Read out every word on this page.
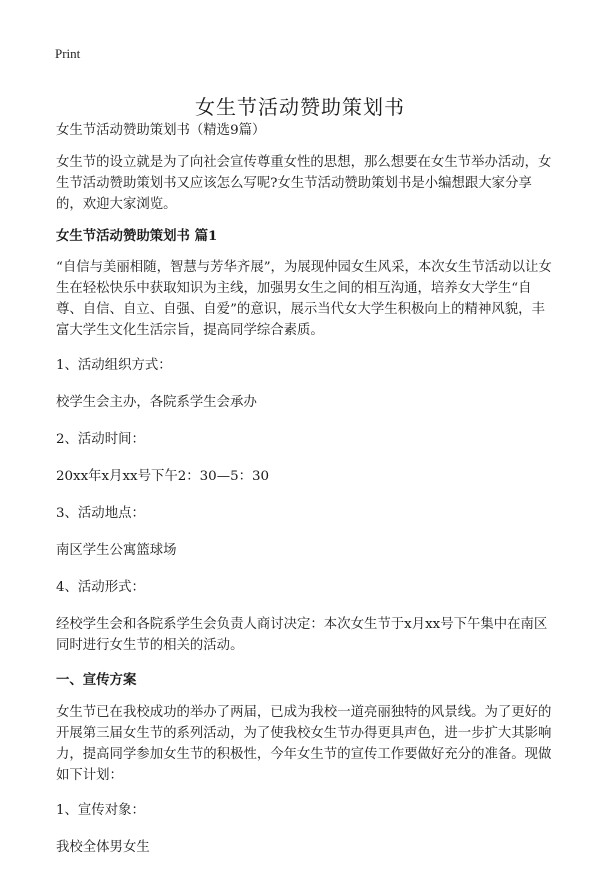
Print
女生节活动赞助策划书

女生节活动赞助策划书（精选9篇）

女生节的设立就是为了向社会宣传尊重女性的思想，那么想要在女生节举办活动，女生节活动赞助策划书又应该怎么写呢?女生节活动赞助策划书是小编想跟大家分享的，欢迎大家浏览。

女生节活动赞助策划书 篇1

“自信与美丽相随，智慧与芳华齐展”，为展现仲园女生风采，本次女生节活动以让女生在轻松快乐中获取知识为主线，加强男女生之间的相互沟通，培养女大学生“自尊、自信、自立、自强、自爱”的意识，展示当代女大学生积极向上的精神风貌，丰富大学生文化生活宗旨，提高同学综合素质。

1、活动组织方式：

校学生会主办，各院系学生会承办

2、活动时间：

20xx年x月xx号下午2：30—5：30

3、活动地点：

南区学生公寓篮球场

4、活动形式：

经校学生会和各院系学生会负责人商讨决定：本次女生节于x月xx号下午集中在南区同时进行女生节的相关的活动。

一、宣传方案

女生节已在我校成功的举办了两届，已成为我校一道亮丽独特的风景线。为了更好的开展第三届女生节的系列活动，为了使我校女生节办得更具声色，进一步扩大其影响力，提高同学参加女生节的积极性，今年女生节的宣传工作要做好充分的准备。现做如下计划：

1、宣传对象：

我校全体男女生
